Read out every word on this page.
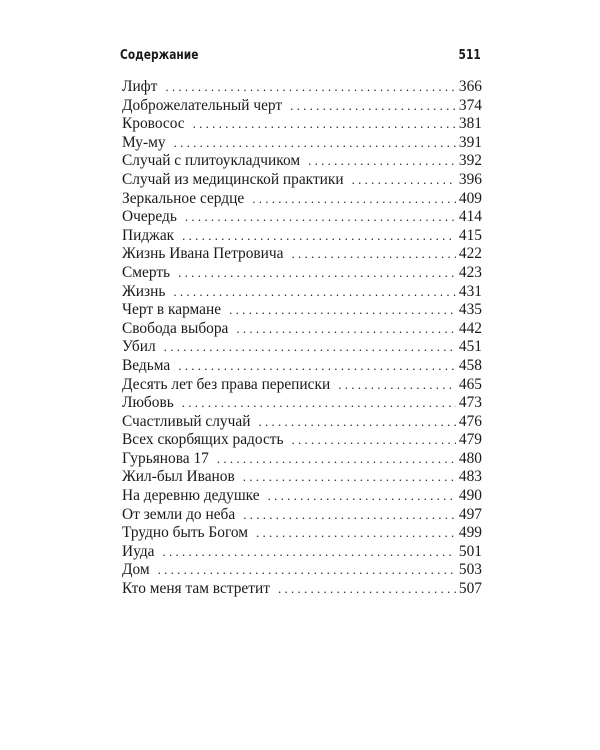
Содержание	511
Лифт . . .	366
Доброжелательный черт . . .	374
Кровосос . . .	381
Му-му . . .	391
Случай с плитоукладчиком . . .	392
Случай из медицинской практики . . .	396
Зеркальное сердце . . .	409
Очередь . . .	414
Пиджак . . .	415
Жизнь Ивана Петровича . . .	422
Смерть . . .	423
Жизнь . . .	431
Черт в кармане . . .	435
Свобода выбора . . .	442
Убил . . .	451
Ведьма . . .	458
Десять лет без права переписки . . .	465
Любовь . . .	473
Счастливый случай . . .	476
Всех скорбящих радость . . .	479
Гурьянова 17 . . .	480
Жил-был Иванов . . .	483
На деревню дедушке . . .	490
От земли до неба . . .	497
Трудно быть Богом . . .	499
Иуда . . .	501
Дом . . .	503
Кто меня там встретит . . .	507
